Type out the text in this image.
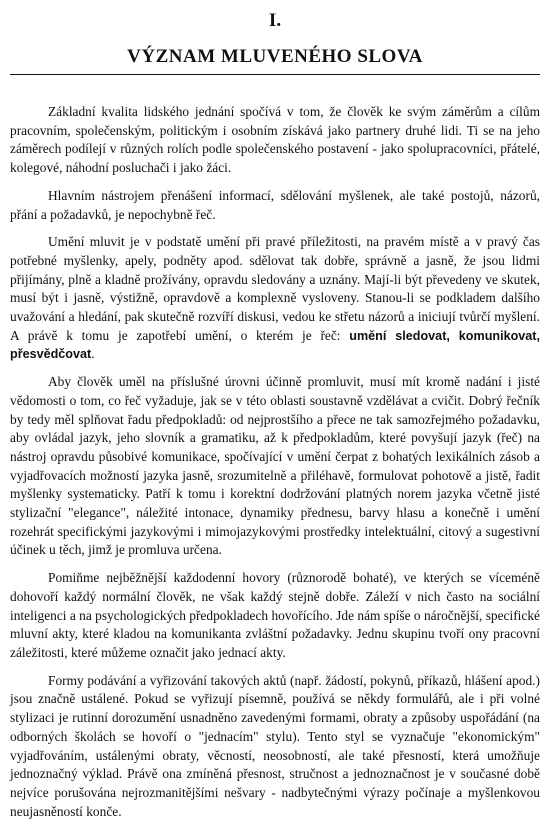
I.
VÝZNAM MLUVENÉHO SLOVA

Základní kvalita lidského jednání spočívá v tom, že člověk ke svým záměrům a cílům pracovním, společenským, politickým i osobním získává jako partnery druhé lidi. Ti se na jeho záměrech podílejí v různých rolích podle společenského postavení - jako spolupracovníci, přátelé, kolegové, náhodní posluchači i jako žáci.

Hlavním nástrojem přenášení informací, sdělování myšlenek, ale také postojů, názorů, přání a požadavků, je nepochybně řeč.

Umění mluvit je v podstatě umění při pravé příležitosti, na pravém místě a v pravý čas potřebné myšlenky, apely, podněty apod. sdělovat tak dobře, správně a jasně, že jsou lidmi přijímány, plně a kladně prožívány, opravdu sledovány a uznány. Mají-li být převedeny ve skutek, musí být i jasně, výstižně, opravdově a komplexně vysloveny. Stanou-li se podkladem dalšího uvažování a hledání, pak skutečně rozvíří diskusi, vedou ke střetu názorů a iniciují tvůrčí myšlení. A právě k tomu je zapotřebí umění, o kterém je řeč: umění sledovat, komunikovat, přesvědčovat.

Aby člověk uměl na příslušné úrovni účinně promluvit, musí mít kromě nadání i jisté vědomosti o tom, co řeč vyžaduje, jak se v této oblasti soustavně vzdělávat a cvičit. Dobrý řečník by tedy měl splňovat řadu předpokladů: od nejprostšího a přece ne tak samozřejmého požadavku, aby ovládal jazyk, jeho slovník a gramatiku, až k předpokladům, které povyšují jazyk (řeč) na nástroj opravdu působivé komunikace, spočívající v umění čerpat z bohatých lexikálních zásob a vyjadřovacích možností jazyka jasně, srozumitelně a přiléhavě, formulovat pohotově a jistě, řadit myšlenky systematicky. Patří k tomu i korektní dodržování platných norem jazyka včetně jisté stylizační "elegance", náležité intonace, dynamiky přednesu, barvy hlasu a konečně i umění rozehrát specifickými jazykovými i mimojazykovými prostředky intelektuální, citový a sugestivní účinek u těch, jimž je promluva určena.

Pomiňme nejběžnější každodenní hovory (různorodě bohaté), ve kterých se víceméně dohovoří každý normální člověk, ne však každý stejně dobře. Záleží v nich často na sociální inteligenci a na psychologických předpokladech hovořícího. Jde nám spíše o náročnější, specifické mluvní akty, které kladou na komunikanta zvláštní požadavky. Jednu skupinu tvoří ony pracovní záležitosti, které můžeme označit jako jednací akty.

Formy podávání a vyřizování takových aktů (např. žádostí, pokynů, příkazů, hlášení apod.) jsou značně ustálené. Pokud se vyřizují písemně, používá se někdy formulářů, ale i při volné stylizaci je rutinní dorozumění usnadněno zavedenými formami, obraty a způsoby uspořádání (na odborných školách se hovoří o "jednacím" stylu). Tento styl se vyznačuje "ekonomickým" vyjadřováním, ustálenými obraty, věcností, neosobností, ale také přesností, která umožňuje jednoznačný výklad. Právě ona zmíněná přesnost, stručnost a jednoznačnost je v současné době nejvíce porušována nejrozmanitějšími nešvary - nadbytečnými výrazy počínaje a myšlenkovou neujasněností konče.
